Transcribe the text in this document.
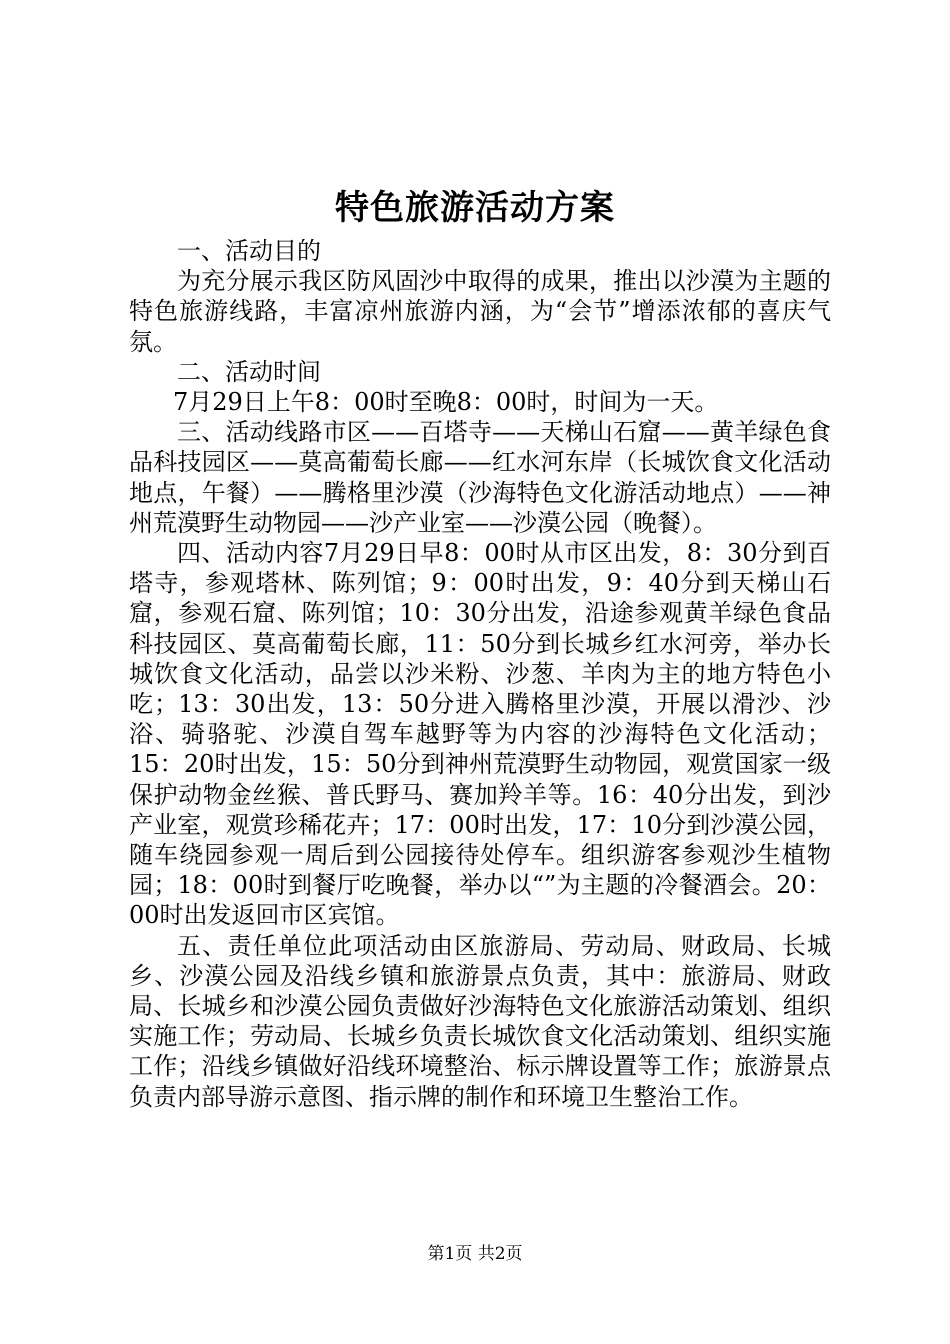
特色旅游活动方案

一、活动目的

为充分展示我区防风固沙中取得的成果，推出以沙漠为主题的特色旅游线路，丰富凉州旅游内涵，为“会节”增添浓郁的喜庆气氛。

二、活动时间

7月29日上午8：00时至晚8：00时，时间为一天。

三、活动线路市区——百塔寺——天梯山石窟——黄羊绿色食品科技园区——莫高葡萄长廊——红水河东岸（长城饮食文化活动地点，午餐）——腾格里沙漠（沙海特色文化游活动地点）——神州荒漠野生动物园——沙产业室——沙漠公园（晚餐）。

四、活动内容7月29日早8：00时从市区出发，8：30分到百塔寺，参观塔林、陈列馆；9：00时出发，9：40分到天梯山石窟，参观石窟、陈列馆；10：30分出发，沿途参观黄羊绿色食品科技园区、莫高葡萄长廊，11：50分到长城乡红水河旁，举办长城饮食文化活动，品尝以沙米粉、沙葱、羊肉为主的地方特色小吃；13：30出发，13：50分进入腾格里沙漠，开展以滑沙、沙浴、骑骆驼、沙漠自驾车越野等为内容的沙海特色文化活动；15：20时出发，15：50分到神州荒漠野生动物园，观赏国家一级保护动物金丝猴、普氏野马、赛加羚羊等。16：40分出发，到沙产业室，观赏珍稀花卉；17：00时出发，17：10分到沙漠公园，随车绕园参观一周后到公园接待处停车。组织游客参观沙生植物园；18：00时到餐厅吃晚餐，举办以“”为主题的冷餐酒会。20：00时出发返回市区宾馆。

五、责任单位此项活动由区旅游局、劳动局、财政局、长城乡、沙漠公园及沿线乡镇和旅游景点负责，其中：旅游局、财政局、长城乡和沙漠公园负责做好沙海特色文化旅游活动策划、组织实施工作；劳动局、长城乡负责长城饮食文化活动策划、组织实施工作；沿线乡镇做好沿线环境整治、标示牌设置等工作；旅游景点负责内部导游示意图、指示牌的制作和环境卫生整治工作。

第1页 共2页
